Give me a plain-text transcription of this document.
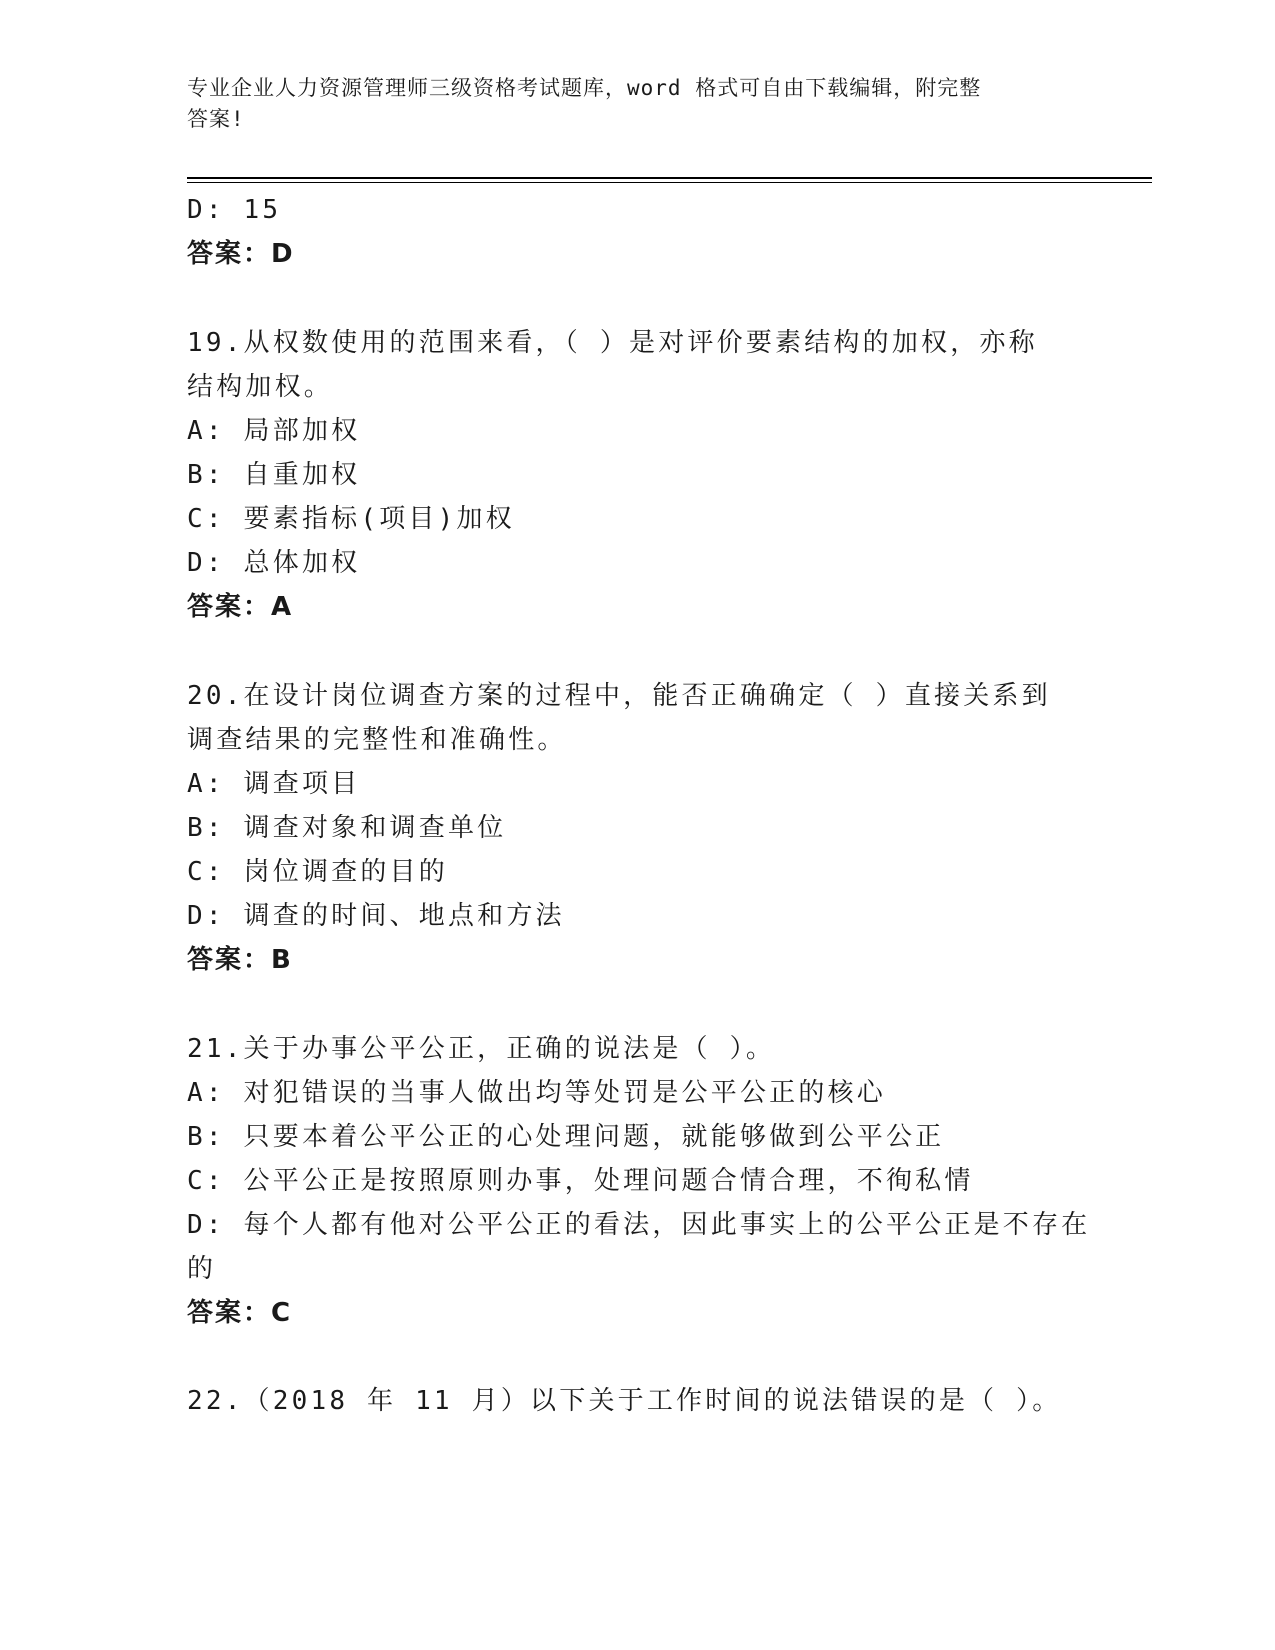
专业企业人力资源管理师三级资格考试题库，word 格式可自由下载编辑，附完整
答案!
D: 15
答案：D
19.从权数使用的范围来看，（ ）是对评价要素结构的加权，亦称
结构加权。
A: 局部加权
B: 自重加权
C: 要素指标(项目)加权
D: 总体加权
答案：A
20.在设计岗位调查方案的过程中，能否正确确定（ ）直接关系到
调查结果的完整性和准确性。
A: 调查项目
B: 调查对象和调查单位
C: 岗位调查的目的
D: 调查的时间、地点和方法
答案：B
21.关于办事公平公正，正确的说法是（ ）。
A: 对犯错误的当事人做出均等处罚是公平公正的核心
B: 只要本着公平公正的心处理问题，就能够做到公平公正
C: 公平公正是按照原则办事，处理问题合情合理，不徇私情
D: 每个人都有他对公平公正的看法，因此事实上的公平公正是不存在
的
答案：C
22.（2018 年 11 月）以下关于工作时间的说法错误的是（ ）。
